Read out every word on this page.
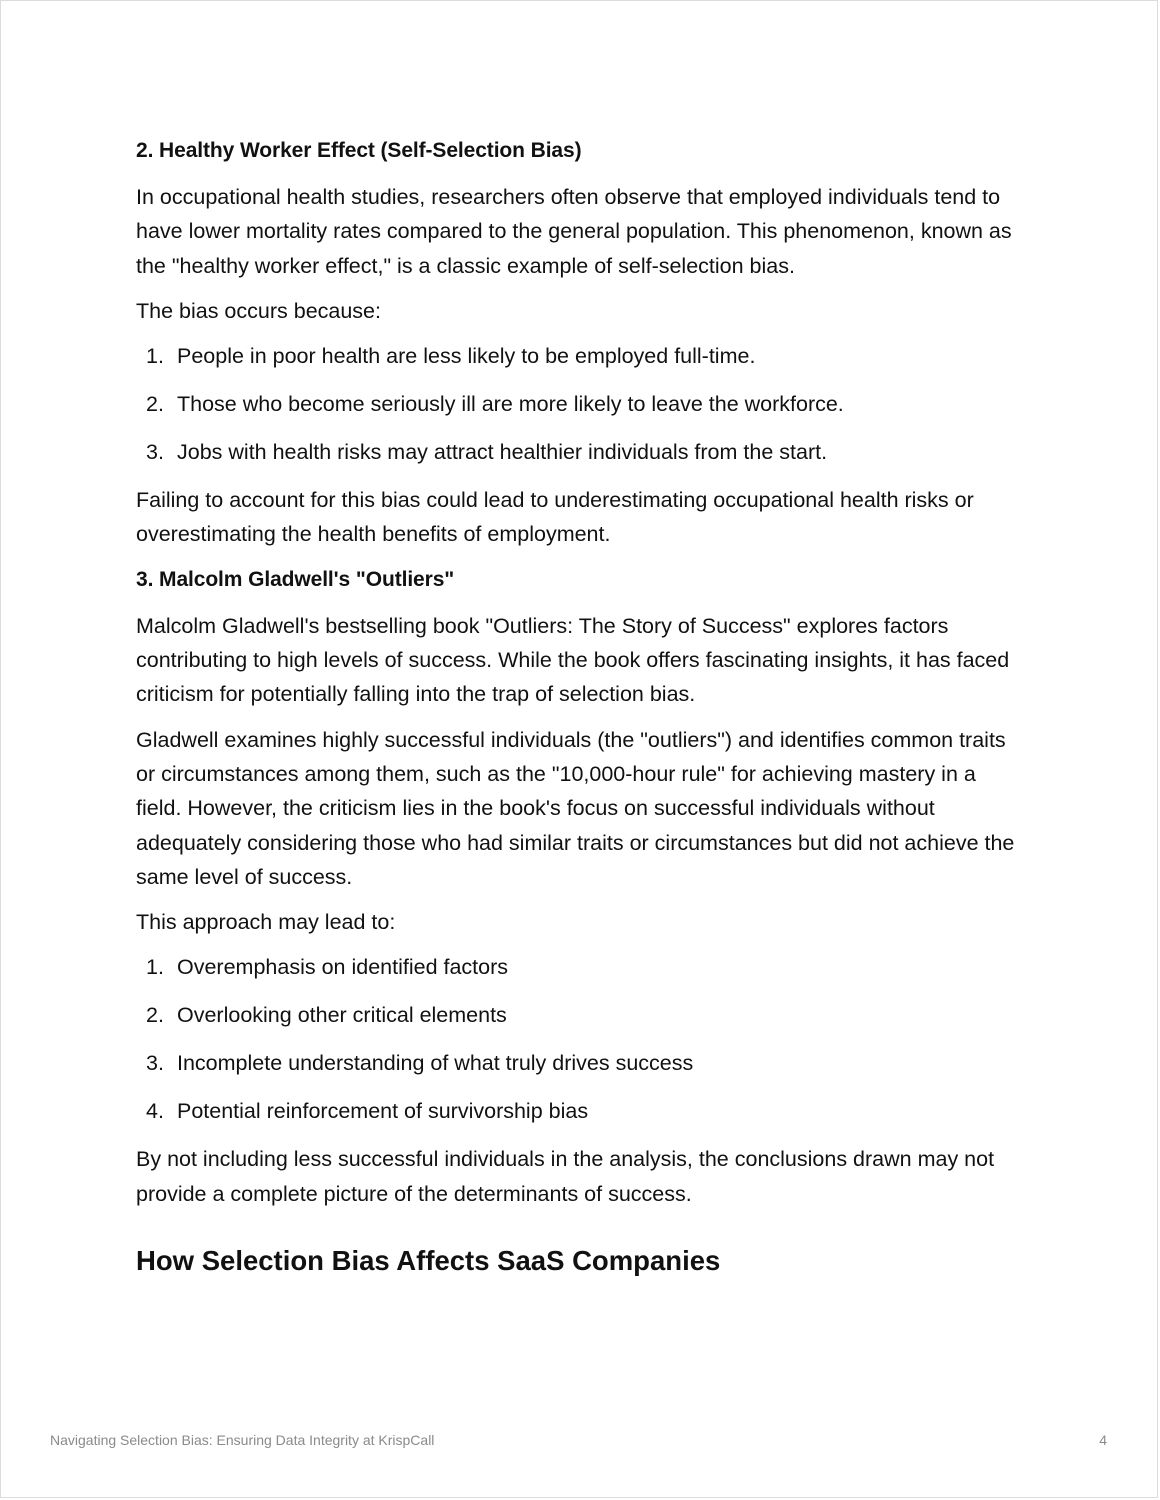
2. Healthy Worker Effect (Self-Selection Bias)

In occupational health studies, researchers often observe that employed individuals tend to have lower mortality rates compared to the general population. This phenomenon, known as the "healthy worker effect," is a classic example of self-selection bias.

The bias occurs because:

1. People in poor health are less likely to be employed full-time.
2. Those who become seriously ill are more likely to leave the workforce.
3. Jobs with health risks may attract healthier individuals from the start.

Failing to account for this bias could lead to underestimating occupational health risks or overestimating the health benefits of employment.

3. Malcolm Gladwell's "Outliers"

Malcolm Gladwell's bestselling book "Outliers: The Story of Success" explores factors contributing to high levels of success. While the book offers fascinating insights, it has faced criticism for potentially falling into the trap of selection bias.

Gladwell examines highly successful individuals (the "outliers") and identifies common traits or circumstances among them, such as the "10,000-hour rule" for achieving mastery in a field. However, the criticism lies in the book's focus on successful individuals without adequately considering those who had similar traits or circumstances but did not achieve the same level of success.

This approach may lead to:

1. Overemphasis on identified factors
2. Overlooking other critical elements
3. Incomplete understanding of what truly drives success
4. Potential reinforcement of survivorship bias

By not including less successful individuals in the analysis, the conclusions drawn may not provide a complete picture of the determinants of success.

How Selection Bias Affects SaaS Companies
Navigating Selection Bias: Ensuring Data Integrity at KrispCall	4
